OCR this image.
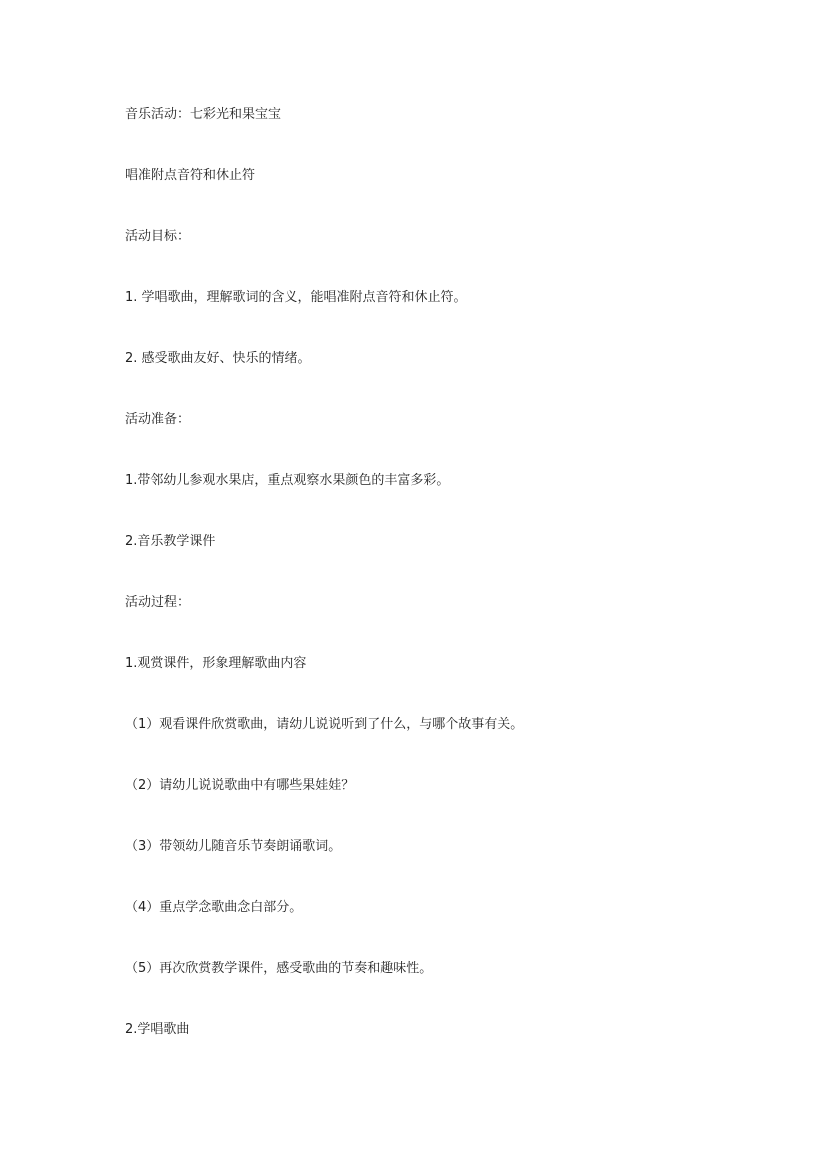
音乐活动：七彩光和果宝宝
唱准附点音符和休止符
活动目标：
1. 学唱歌曲，理解歌词的含义，能唱准附点音符和休止符。
2. 感受歌曲友好、快乐的情绪。
活动准备：
1.带邻幼儿参观水果店，重点观察水果颜色的丰富多彩。
2.音乐教学课件
活动过程：
1.观赏课件，形象理解歌曲内容
（1）观看课件欣赏歌曲，请幼儿说说听到了什么，与哪个故事有关。
（2）请幼儿说说歌曲中有哪些果娃娃？
（3）带领幼儿随音乐节奏朗诵歌词。
（4）重点学念歌曲念白部分。
（5）再次欣赏教学课件，感受歌曲的节奏和趣味性。
2.学唱歌曲
